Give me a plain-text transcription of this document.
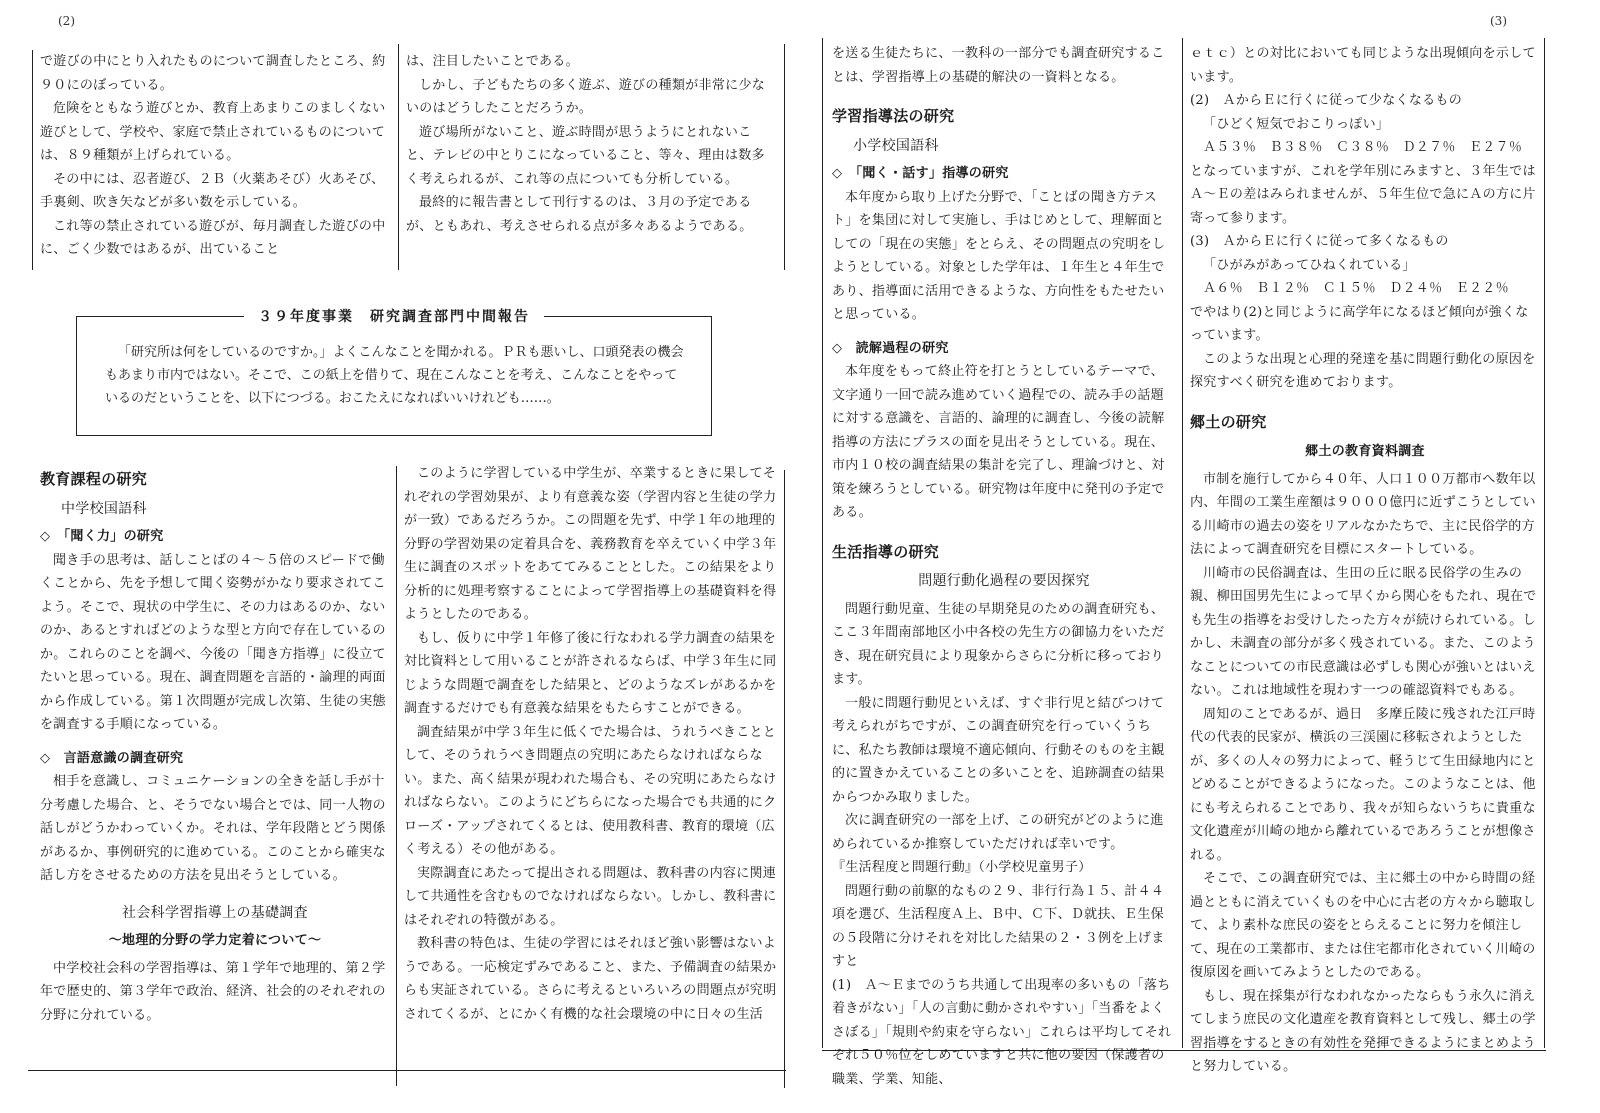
(2)

で遊びの中にとり入れたものについて調査したところ、約９０にのぼっている。

危険をともなう遊びとか、教育上あまりこのましくない遊びとして、学校や、家庭で禁止されているものについては、８９種類が上げられている。

その中には、忍者遊び、２Ｂ（火薬あそび）火あそび、手裏剣、吹き矢などが多い数を示している。

これ等の禁止されている遊びが、毎月調査した遊びの中に、ごく少数ではあるが、出ていること

は、注目したいことである。

しかし、子どもたちの多く遊ぶ、遊びの種類が非常に少ないのはどうしたことだろうか。

遊び場所がないこと、遊ぶ時間が思うようにとれないこと、テレビの中とりこになっていること、等々、理由は数多く考えられるが、これ等の点についても分析している。

最終的に報告書として刊行するのは、３月の予定であるが、ともあれ、考えさせられる点が多々あるようである。

３９年度事業　研究調査部門中間報告
「研究所は何をしているのですか。」よくこんなことを聞かれる。ＰＲも悪いし、口頭発表の機会もあまり市内ではない。そこで、この紙上を借りて、現在こんなことを考え、こんなことをやっているのだということを、以下につづる。おこたえになればいいけれども……。
教育課程の研究
中学校国語科
◇　「聞く力」の研究

聞き手の思考は、話しことばの４～５倍のスピードで働くことから、先を予想して聞く姿勢がかなり要求されてこよう。そこで、現状の中学生に、その力はあるのか、ないのか、あるとすればどのような型と方向で存在しているのか。これらのことを調べ、今後の「聞き方指導」に役立てたいと思っている。現在、調査問題を言語的・論理的両面から作成している。第１次問題が完成し次第、生徒の実態を調査する手順になっている。

◇　言語意識の調査研究

相手を意識し、コミュニケーションの全きを話し手が十分考慮した場合、と、そうでない場合とでは、同一人物の話しがどうかわっていくか。それは、学年段階とどう関係があるか、事例研究的に進めている。このことから確実な話し方をさせるための方法を見出そうとしている。

社会科学習指導上の基礎調査
～地理的分野の学力定着について～

中学校社会科の学習指導は、第１学年で地理的、第２学年で歴史的、第３学年で政治、経済、社会的のそれぞれの分野に分れている。

このように学習している中学生が、卒業するときに果してそれぞれの学習効果が、より有意義な姿（学習内容と生徒の学力が一致）であるだろうか。この問題を先ず、中学１年の地理的分野の学習効果の定着具合を、義務教育を卒えていく中学３年生に調査のスポットをあててみることとした。この結果をより分析的に処理考察することによって学習指導上の基礎資料を得ようとしたのである。

もし、仮りに中学１年修了後に行なわれる学力調査の結果を対比資料として用いることが許されるならば、中学３年生に同じような問題で調査をした結果と、どのようなズレがあるかを調査するだけでも有意義な結果をもたらすことができる。

調査結果が中学３年生に低くでた場合は、うれうべきこととして、そのうれうべき問題点の究明にあたらなければならない。また、高く結果が現われた場合も、その究明にあたらなければならない。このようにどちらになった場合でも共通的にクローズ・アップされてくるとは、使用教科書、教育的環境（広く考える）その他がある。

実際調査にあたって提出される問題は、教科書の内容に関連して共通性を含むものでなければならない。しかし、教科書にはそれぞれの特徴がある。

教科書の特色は、生徒の学習にはそれほど強い影響はないようである。一応検定ずみであること、また、予備調査の結果からも実証されている。さらに考えるといろいろの問題点が究明されてくるが、とにかく有機的な社会環境の中に日々の生活

(3)

を送る生徒たちに、一教科の一部分でも調査研究することは、学習指導上の基礎的解決の一資料となる。

学習指導法の研究
小学校国語科
◇　「聞く・話す」指導の研究

本年度から取り上げた分野で、「ことばの聞き方テスト」を集団に対して実施し、手はじめとして、理解面としての「現在の実態」をとらえ、その問題点の究明をしようとしている。対象とした学年は、１年生と４年生であり、指導面に活用できるような、方向性をもたせたいと思っている。

◇　読解過程の研究

本年度をもって終止符を打とうとしているテーマで、文字通り一回で読み進めていく過程での、読み手の話題に対する意識を、言語的、論理的に調査し、今後の読解指導の方法にプラスの面を見出そうとしている。現在、市内１０校の調査結果の集計を完了し、理論づけと、対策を練ろうとしている。研究物は年度中に発刊の予定である。

生活指導の研究
問題行動化過程の要因探究

問題行動児童、生徒の早期発見のための調査研究も、ここ３年間南部地区小中各校の先生方の御協力をいただき、現在研究員により現象からさらに分析に移っております。

一般に問題行動児といえば、すぐ非行児と結びつけて考えられがちですが、この調査研究を行っていくうちに、私たち教師は環境不適応傾向、行動そのものを主観的に置きかえていることの多いことを、追跡調査の結果からつかみ取りました。

次に調査研究の一部を上げ、この研究がどのように進められているか推察していただければ幸いです。

『生活程度と問題行動』（小学校児童男子）

問題行動の前駆的なもの２９、非行行為１５、計４４項を選び、生活程度Ａ上、Ｂ中、Ｃ下、Ｄ就扶、Ｅ生保の５段階に分けそれを対比した結果の２・３例を上げますと

(1)　Ａ～Ｅまでのうち共通して出現率の多いもの「落ち着きがない」「人の言動に動かされやすい」「当番をよくさぼる」「規則や約束を守らない」これらは平均してそれぞれ５０％位をしめていますと共に他の要因（保護者の職業、学業、知能、

ｅｔｃ）との対比においても同じような出現傾向を示しています。

(2)　ＡからＥに行くに従って少なくなるもの

「ひどく短気でおこりっぽい」

Ａ５３％　Ｂ３８％　Ｃ３８％　Ｄ２７％　Ｅ２７％

となっていますが、これを学年別にみますと、３年生ではＡ～Ｅの差はみられませんが、５年生位で急にＡの方に片寄って参ります。

(3)　ＡからＥに行くに従って多くなるもの

「ひがみがあってひねくれている」

Ａ６％　Ｂ１２％　Ｃ１５％　Ｄ２４％　Ｅ２２％

でやはり(2)と同じように高学年になるほど傾向が強くなっています。

このような出現と心理的発達を基に問題行動化の原因を探究すべく研究を進めております。

郷土の研究
郷土の教育資料調査

市制を施行してから４０年、人口１００万都市へ数年以内、年間の工業生産額は９０００億円に近ずこうとしている川崎市の過去の姿をリアルなかたちで、主に民俗学的方法によって調査研究を目標にスタートしている。

川崎市の民俗調査は、生田の丘に眠る民俗学の生みの親、柳田国男先生によって早くから関心をもたれ、現在でも先生の指導をお受けしたった方々が続けられている。しかし、未調査の部分が多く残されている。また、このようなことについての市民意識は必ずしも関心が強いとはいえない。これは地域性を現わす一つの確認資料でもある。

周知のことであるが、過日　多摩丘陵に残された江戸時代の代表的民家が、横浜の三渓園に移転されようとしたが、多くの人々の努力によって、軽うじて生田緑地内にとどめることができるようになった。このようなことは、他にも考えられることであり、我々が知らないうちに貴重な文化遺産が川崎の地から離れているであろうことが想像される。

そこで、この調査研究では、主に郷土の中から時間の経過とともに消えていくものを中心に古老の方々から聴取して、より素朴な庶民の姿をとらえることに努力を傾注して、現在の工業都市、または住宅都市化されていく川崎の復原図を画いてみようとしたのである。

もし、現在採集が行なわれなかったならもう永久に消えてしまう庶民の文化遺産を教育資料として残し、郷土の学習指導をするときの有効性を発揮できるようにまとめようと努力している。
